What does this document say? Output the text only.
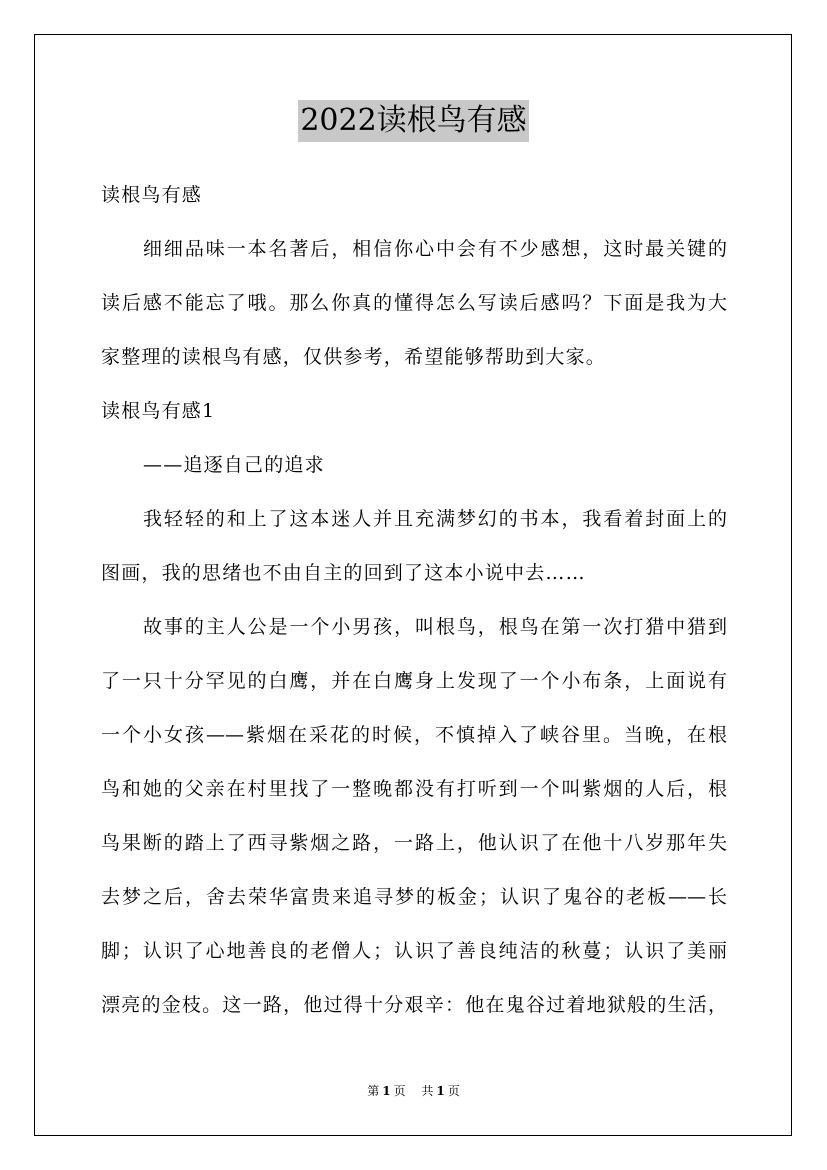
2022读根鸟有感
读根鸟有感
细细品味一本名著后，相信你心中会有不少感想，这时最关键的
读后感不能忘了哦。那么你真的懂得怎么写读后感吗？下面是我为大
家整理的读根鸟有感，仅供参考，希望能够帮助到大家。
读根鸟有感1
——追逐自己的追求
我轻轻的和上了这本迷人并且充满梦幻的书本，我看着封面上的
图画，我的思绪也不由自主的回到了这本小说中去……
故事的主人公是一个小男孩，叫根鸟，根鸟在第一次打猎中猎到
了一只十分罕见的白鹰，并在白鹰身上发现了一个小布条，上面说有
一个小女孩——紫烟在采花的时候，不慎掉入了峡谷里。当晚，在根
鸟和她的父亲在村里找了一整晚都没有打听到一个叫紫烟的人后，根
鸟果断的踏上了西寻紫烟之路，一路上，他认识了在他十八岁那年失
去梦之后，舍去荣华富贵来追寻梦的板金；认识了鬼谷的老板——长
脚；认识了心地善良的老僧人；认识了善良纯洁的秋蔓；认识了美丽
漂亮的金枝。这一路，他过得十分艰辛：他在鬼谷过着地狱般的生活，
第 1 页 共 1 页
